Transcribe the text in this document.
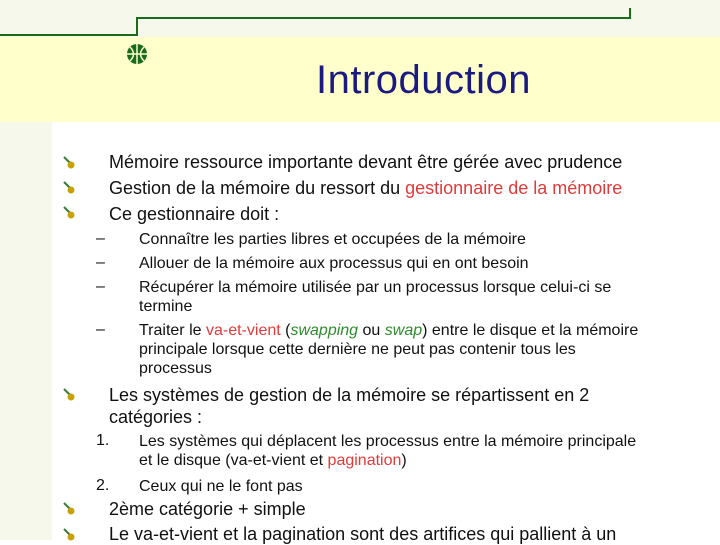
Introduction
Mémoire ressource importante devant être gérée avec prudence
Gestion de la mémoire du ressort du gestionnaire de la mémoire
Ce gestionnaire doit :
– Connaître les parties libres et occupées de la mémoire
– Allouer de la mémoire aux processus qui en ont besoin
– Récupérer la mémoire utilisée par un processus lorsque celui-ci se
termine
– Traiter le va-et-vient (swapping ou swap) entre le disque et la mémoire
principale lorsque cette dernière ne peut pas contenir tous les
processus
Les systèmes de gestion de la mémoire se répartissent en 2
catégories :
1. Les systèmes qui déplacent les processus entre la mémoire principale
et le disque (va-et-vient et pagination)
2. Ceux qui ne le font pas
2ème catégorie + simple
Le va-et-vient et la pagination sont des artifices qui pallient à un
